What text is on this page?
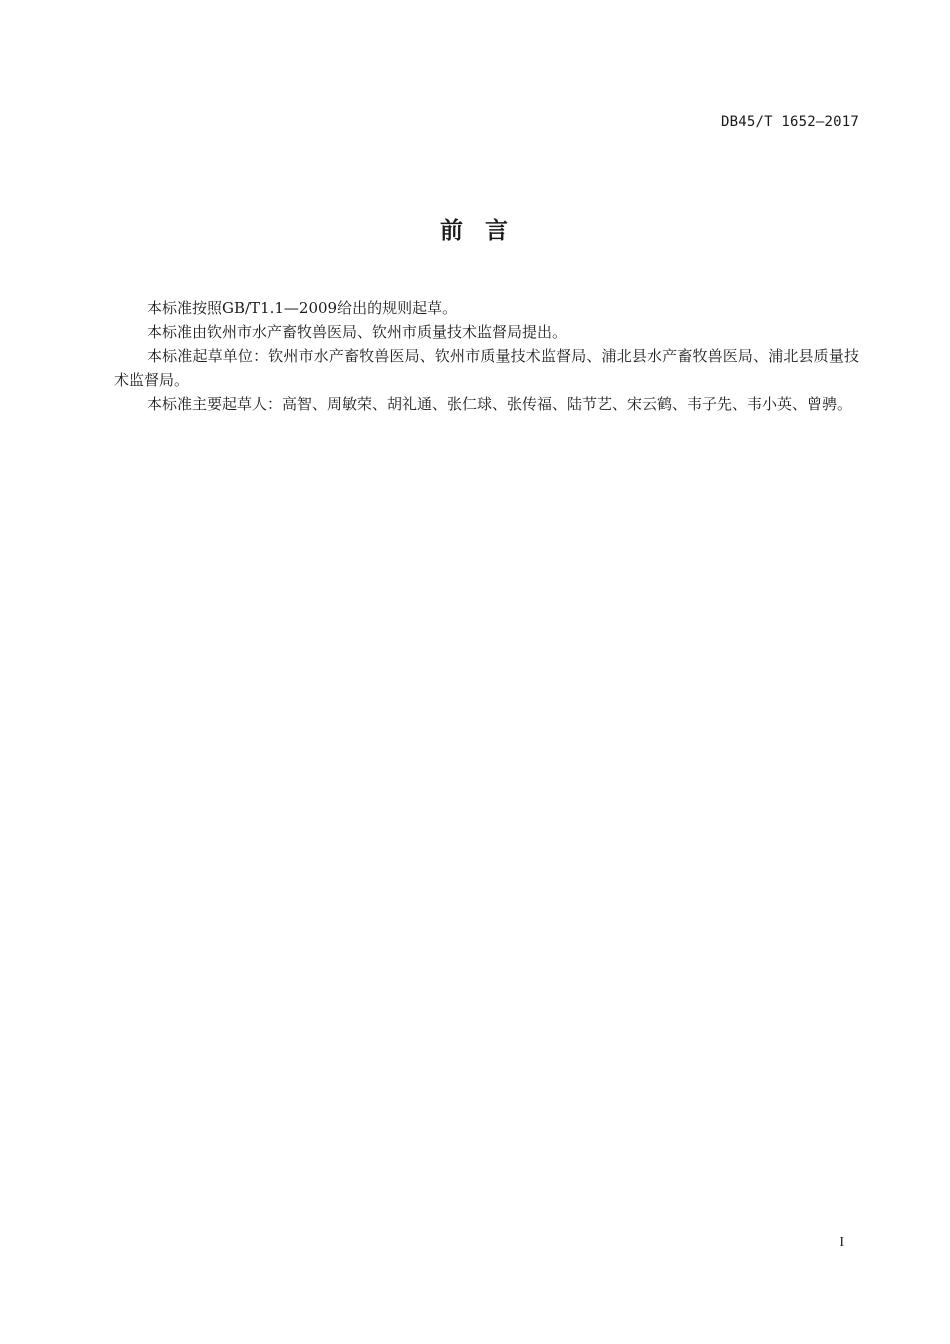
DB45/T 1652—2017
前  言

本标准按照GB/T1.1—2009给出的规则起草。

本标准由钦州市水产畜牧兽医局、钦州市质量技术监督局提出。

本标准起草单位：钦州市水产畜牧兽医局、钦州市质量技术监督局、浦北县水产畜牧兽医局、浦北县质量技术监督局。

本标准主要起草人：高智、周敏荣、胡礼通、张仁球、张传福、陆节艺、宋云鹤、韦子先、韦小英、曾骋。

I
